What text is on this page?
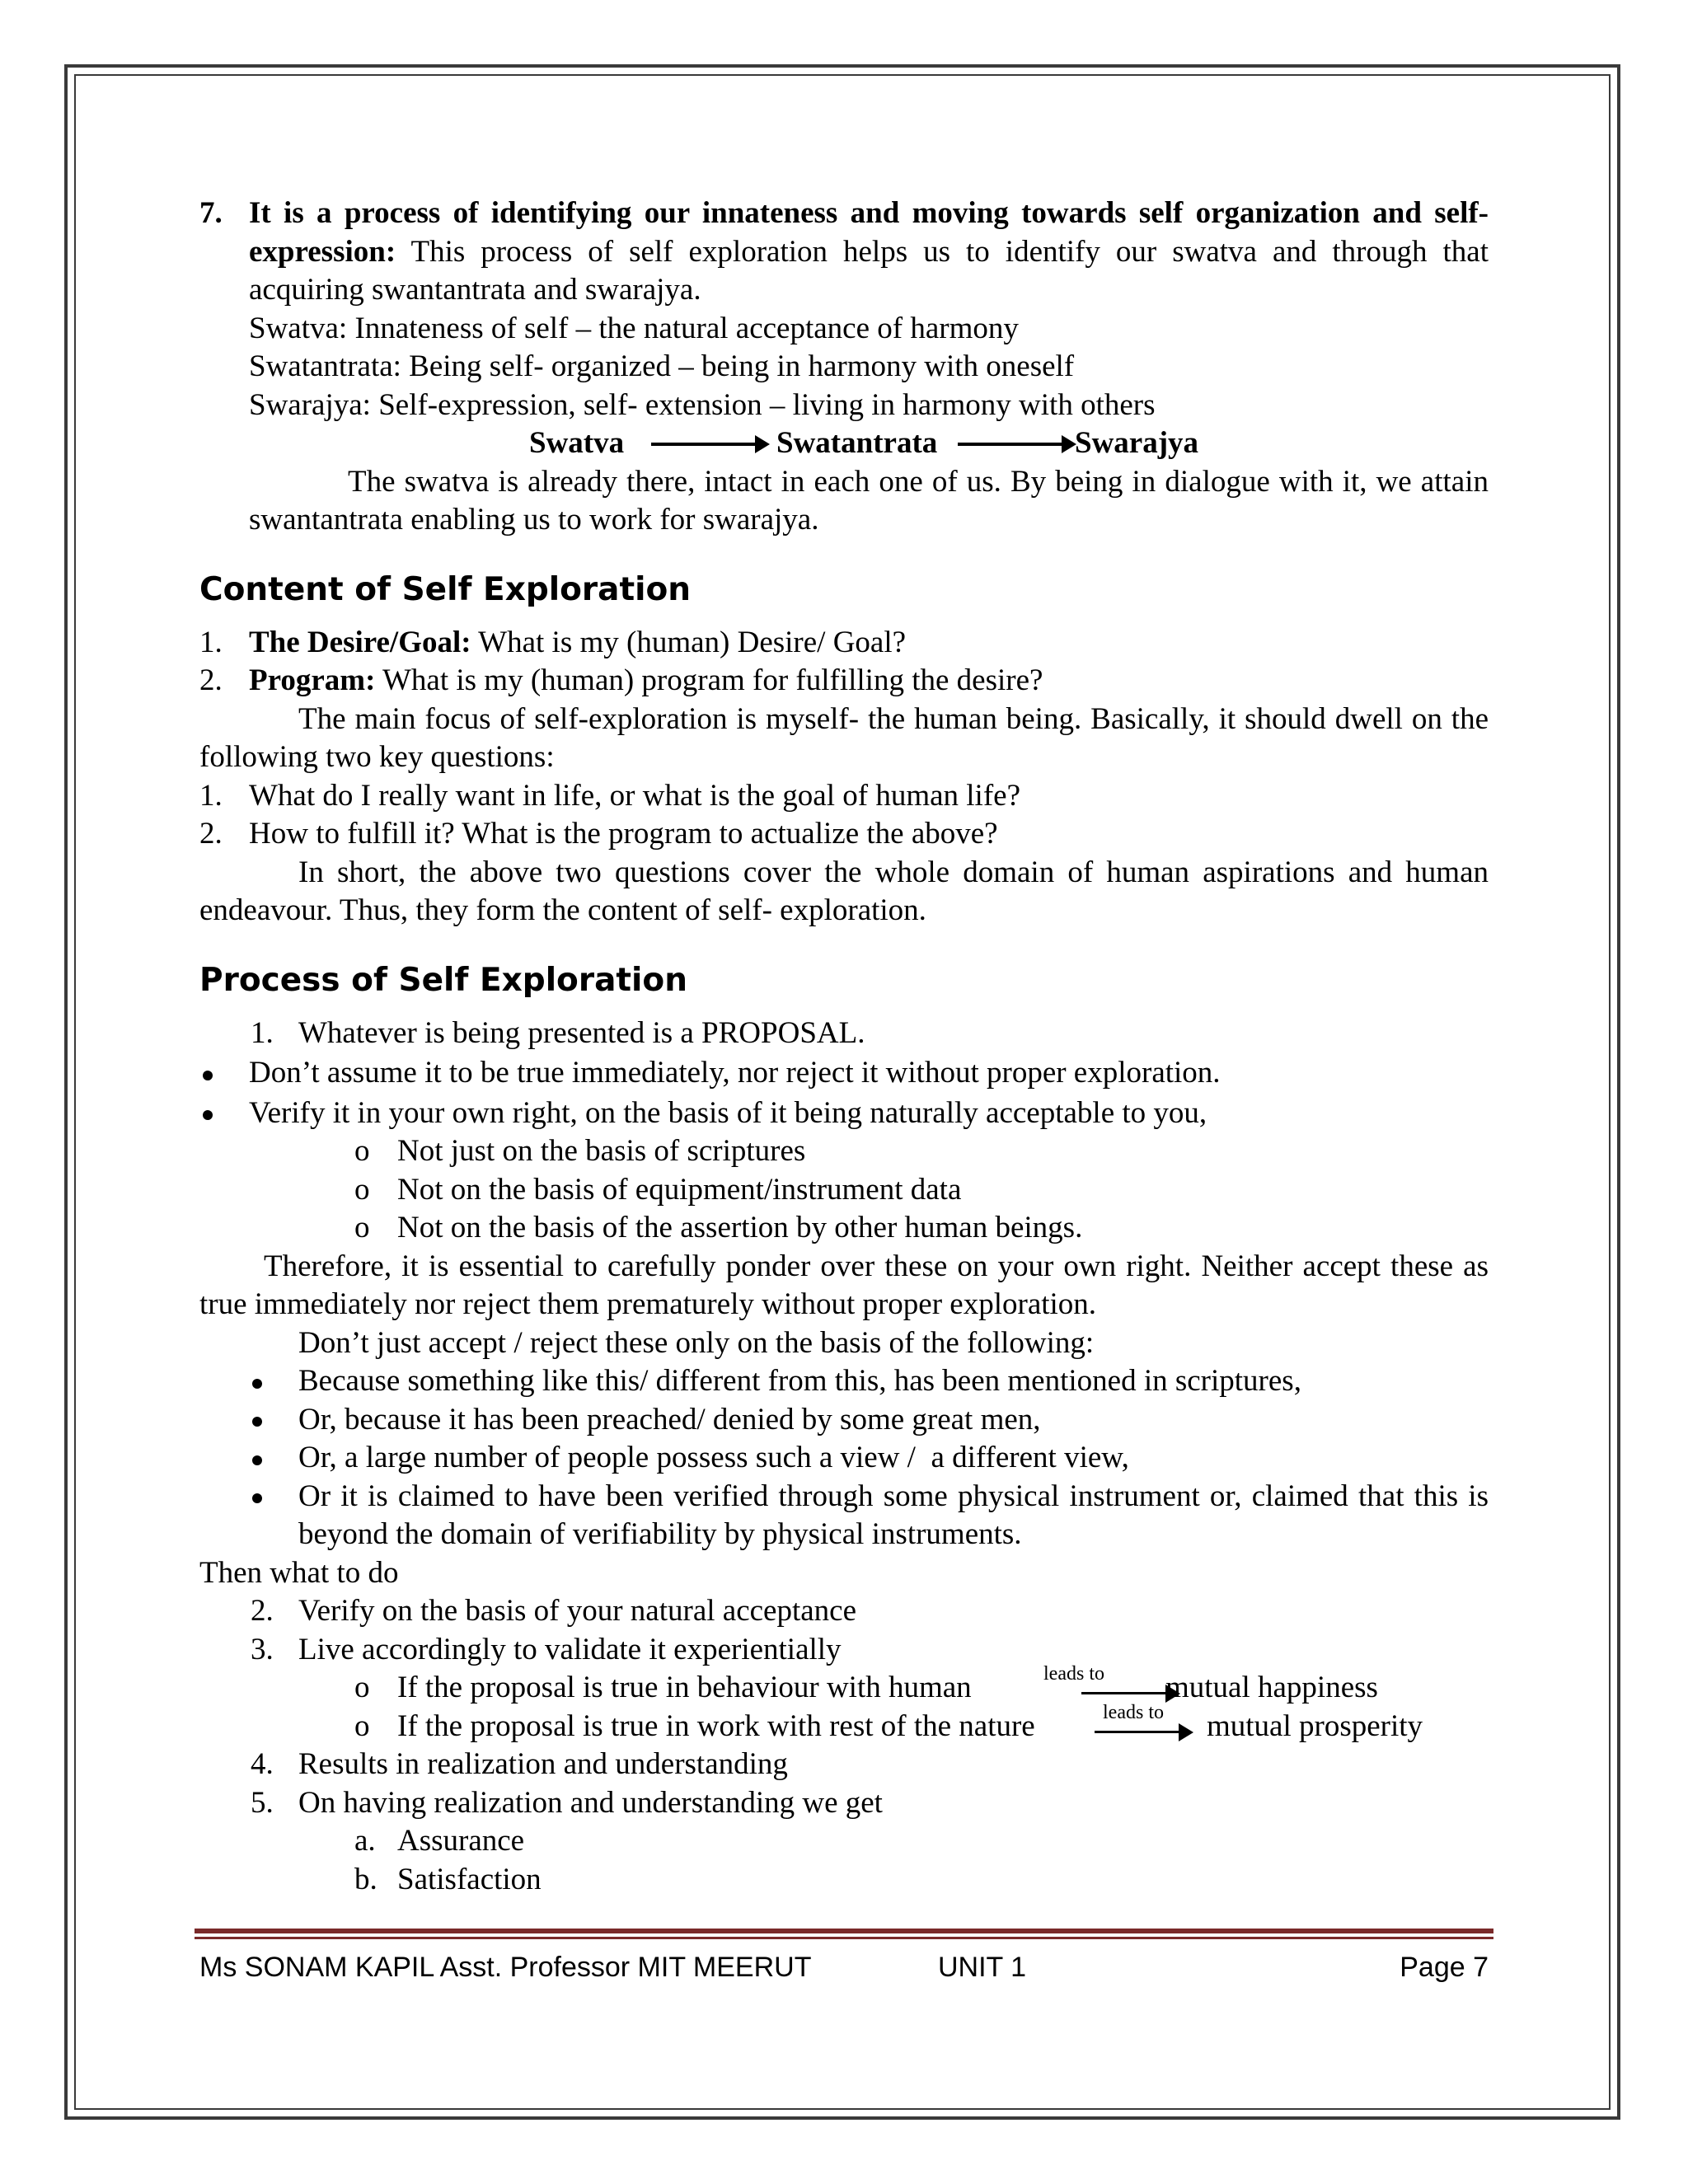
7. It is a process of identifying our innateness and moving towards self organization and self-expression: This process of self exploration helps us to identify our swatva and through that acquiring swantantrata and swarajya.
Swatva: Innateness of self – the natural acceptance of harmony
Swatantrata: Being self- organized – being in harmony with oneself
Swarajya: Self-expression, self- extension – living in harmony with others
Swatva	Swatantrata	Swarajya

The swatva is already there, intact in each one of us. By being in dialogue with it, we attain swantantrata enabling us to work for swarajya.

Content of Self Exploration
1. The Desire/Goal: What is my (human) Desire/ Goal?
2. Program: What is my (human) program for fulfilling the desire?

The main focus of self-exploration is myself- the human being. Basically, it should dwell on the following two key questions:

1. What do I really want in life, or what is the goal of human life?
2. How to fulfill it? What is the program to actualize the above?

In short, the above two questions cover the whole domain of human aspirations and human endeavour. Thus, they form the content of self- exploration.

Process of Self Exploration
1. Whatever is being presented is a PROPOSAL.
Don’t assume it to be true immediately, nor reject it without proper exploration.
Verify it in your own right, on the basis of it being naturally acceptable to you,
o Not just on the basis of scriptures
o Not on the basis of equipment/instrument data
o Not on the basis of the assertion by other human beings.

Therefore, it is essential to carefully ponder over these on your own right. Neither accept these as true immediately nor reject them prematurely without proper exploration.

Don’t just accept / reject these only on the basis of the following:

Because something like this/ different from this, has been mentioned in scriptures,
Or, because it has been preached/ denied by some great men,
Or, a large number of people possess such a view /  a different view,
Or it is claimed to have been verified through some physical instrument or, claimed that this is beyond the domain of verifiability by physical instruments.

Then what to do

2. Verify on the basis of your natural acceptance
3. Live accordingly to validate it experientially
o If the proposal is true in behaviour with human	leads to mutual happiness
o If the proposal is true in work with rest of the nature	leads to mutual prosperity
4. Results in realization and understanding
5. On having realization and understanding we get
a. Assurance
b. Satisfaction
Ms SONAM KAPIL Asst. Professor MIT MEERUT	UNIT 1	Page 7
